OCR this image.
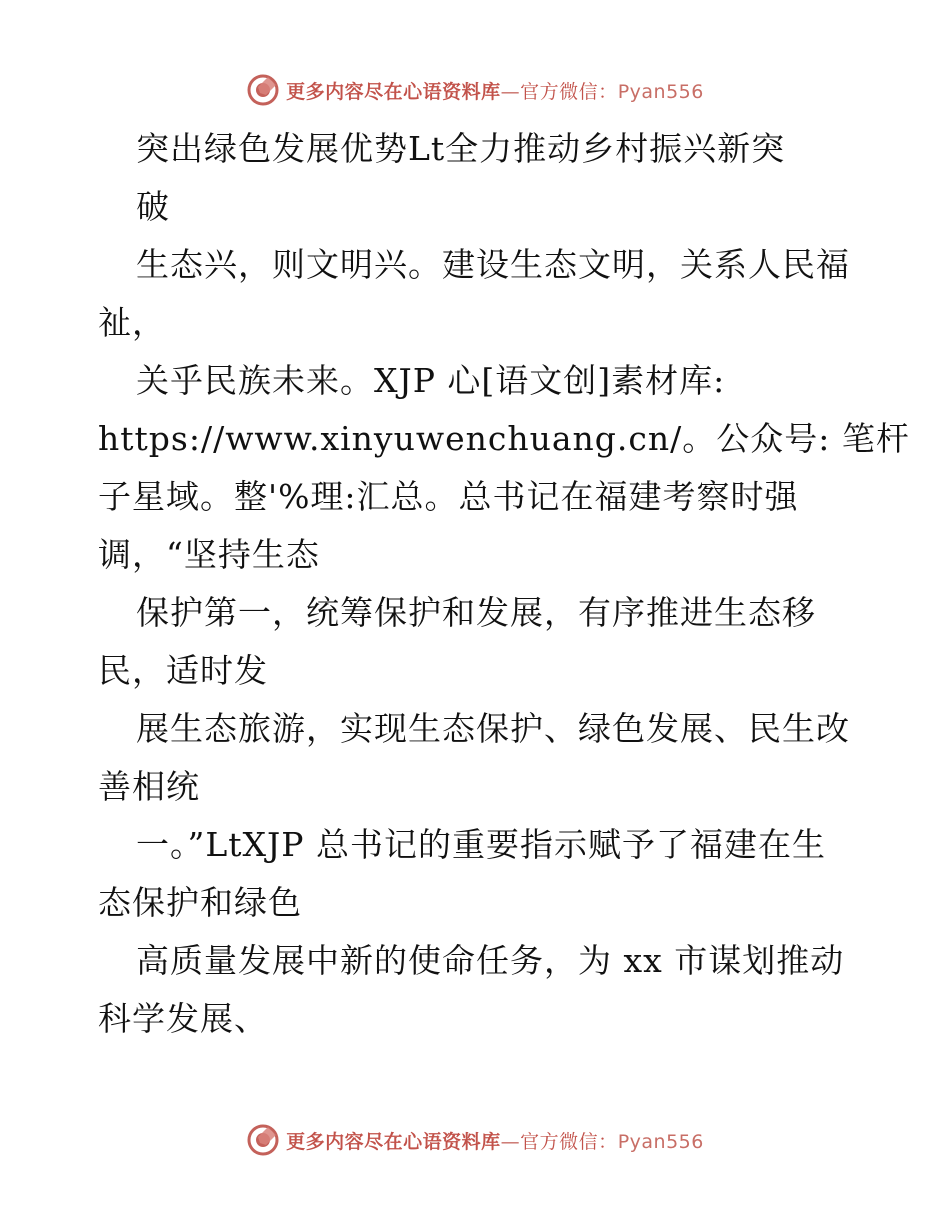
更多内容尽在心语资料库—官方微信：Pyan556
突出绿色发展优势Lt全力推动乡村振兴新突
破
生态兴，则文明兴。建设生态文明，关系人民福
祉，
关乎民族未来。XJP 心[语文创]素材库:
https://www.xinyuwenchuang.cn/。公众号: 笔杆
子星域。整'%理:汇总。总书记在福建考察时强
调，“坚持生态
保护第一，统筹保护和发展，有序推进生态移
民，适时发
展生态旅游，实现生态保护、绿色发展、民生改
善相统
一。”LtXJP 总书记的重要指示赋予了福建在生
态保护和绿色
高质量发展中新的使命任务，为 xx 市谋划推动
科学发展、
更多内容尽在心语资料库—官方微信：Pyan556
